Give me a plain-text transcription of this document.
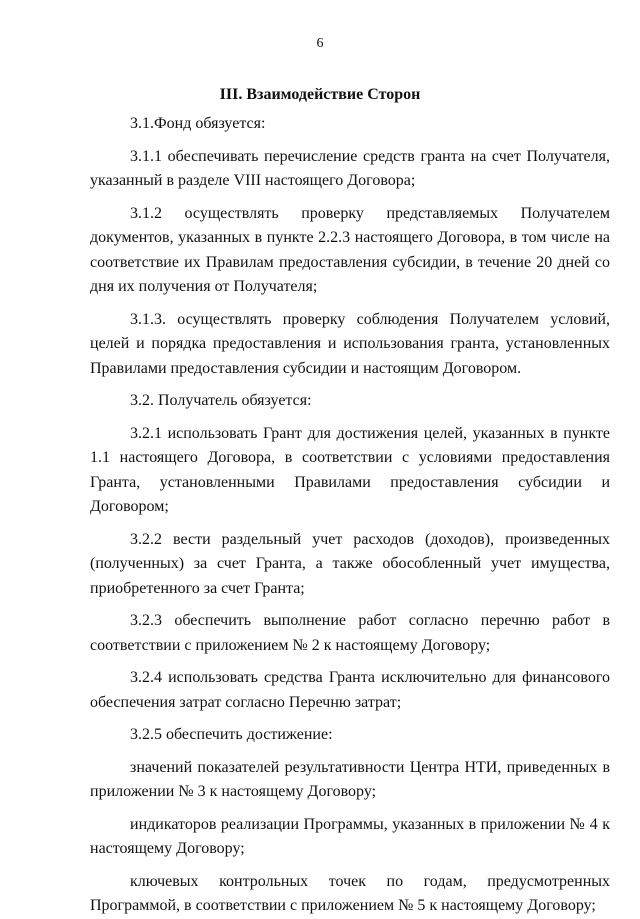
6
III. Взаимодействие Сторон

3.1.Фонд обязуется:

3.1.1 обеспечивать перечисление средств гранта на счет Получателя, указанный в разделе VIII настоящего Договора;

3.1.2 осуществлять проверку представляемых Получателем документов, указанных в пункте 2.2.3 настоящего Договора, в том числе на соответствие их Правилам предоставления субсидии, в течение 20 дней со дня их получения от Получателя;

3.1.3. осуществлять проверку соблюдения Получателем условий, целей и порядка предоставления и использования гранта, установленных Правилами предоставления субсидии и настоящим Договором.

3.2. Получатель обязуется:

3.2.1 использовать Грант для достижения целей, указанных в пункте 1.1 настоящего Договора, в соответствии с условиями предоставления Гранта, установленными Правилами предоставления субсидии и Договором;

3.2.2 вести раздельный учет расходов (доходов), произведенных (полученных) за счет Гранта, а также обособленный учет имущества, приобретенного за счет Гранта;

3.2.3 обеспечить выполнение работ согласно перечню работ в соответствии с приложением № 2 к настоящему Договору;

3.2.4 использовать средства Гранта исключительно для финансового обеспечения затрат согласно Перечню затрат;

3.2.5 обеспечить достижение:

значений показателей результативности Центра НТИ, приведенных в приложении № 3 к настоящему Договору;

индикаторов реализации Программы, указанных в приложении № 4 к настоящему Договору;

ключевых контрольных точек по годам, предусмотренных Программой, в соответствии с приложением № 5 к настоящему Договору;
